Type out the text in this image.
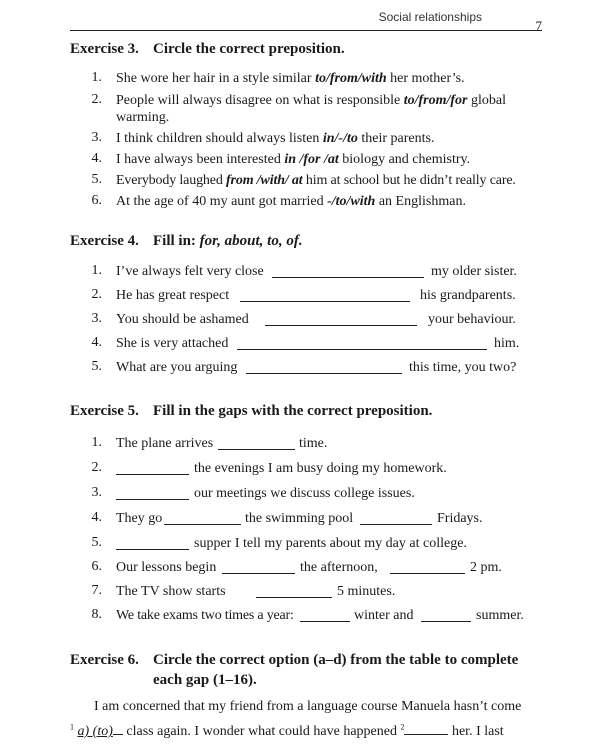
Social relationships
7
Exercise 3. Circle the correct preposition.
1. She wore her hair in a style similar to/from/with her mother’s.
2. People will always disagree on what is responsible to/from/for global
warming.
3. I think children should always listen in/-/to their parents.
4. I have always been interested in /for /at biology and chemistry.
5. Everybody laughed from /with/ at him at school but he didn’t really care.
6. At the age of 40 my aunt got married -/to/with an Englishman.
Exercise 4. Fill in: for, about, to, of.
1. I’ve always felt very close	my older sister.
2. He has great respect	his grandparents.
3. You should be ashamed	your behaviour.
4. She is very attached	him.
5. What are you arguing	this time, you two?
Exercise 5. Fill in the gaps with the correct preposition.
1. The plane arrives	time.
2.	the evenings I am busy doing my homework.
3.	our meetings we discuss college issues.
4. They go	the swimming pool	Fridays.
5.	supper I tell my parents about my day at college.
6. Our lessons begin	the afternoon,	2 pm.
7. The TV show starts	5 minutes.
8. We take exams two times a year:	winter and	summer.
Exercise 6. Circle the correct option (a–d) from the table to complete
each gap (1–16).
I am concerned that my friend from a language course Manuela hasn’t come
$^1$ a) (to) class again. I wonder what could have happened $^2$	her. I last
